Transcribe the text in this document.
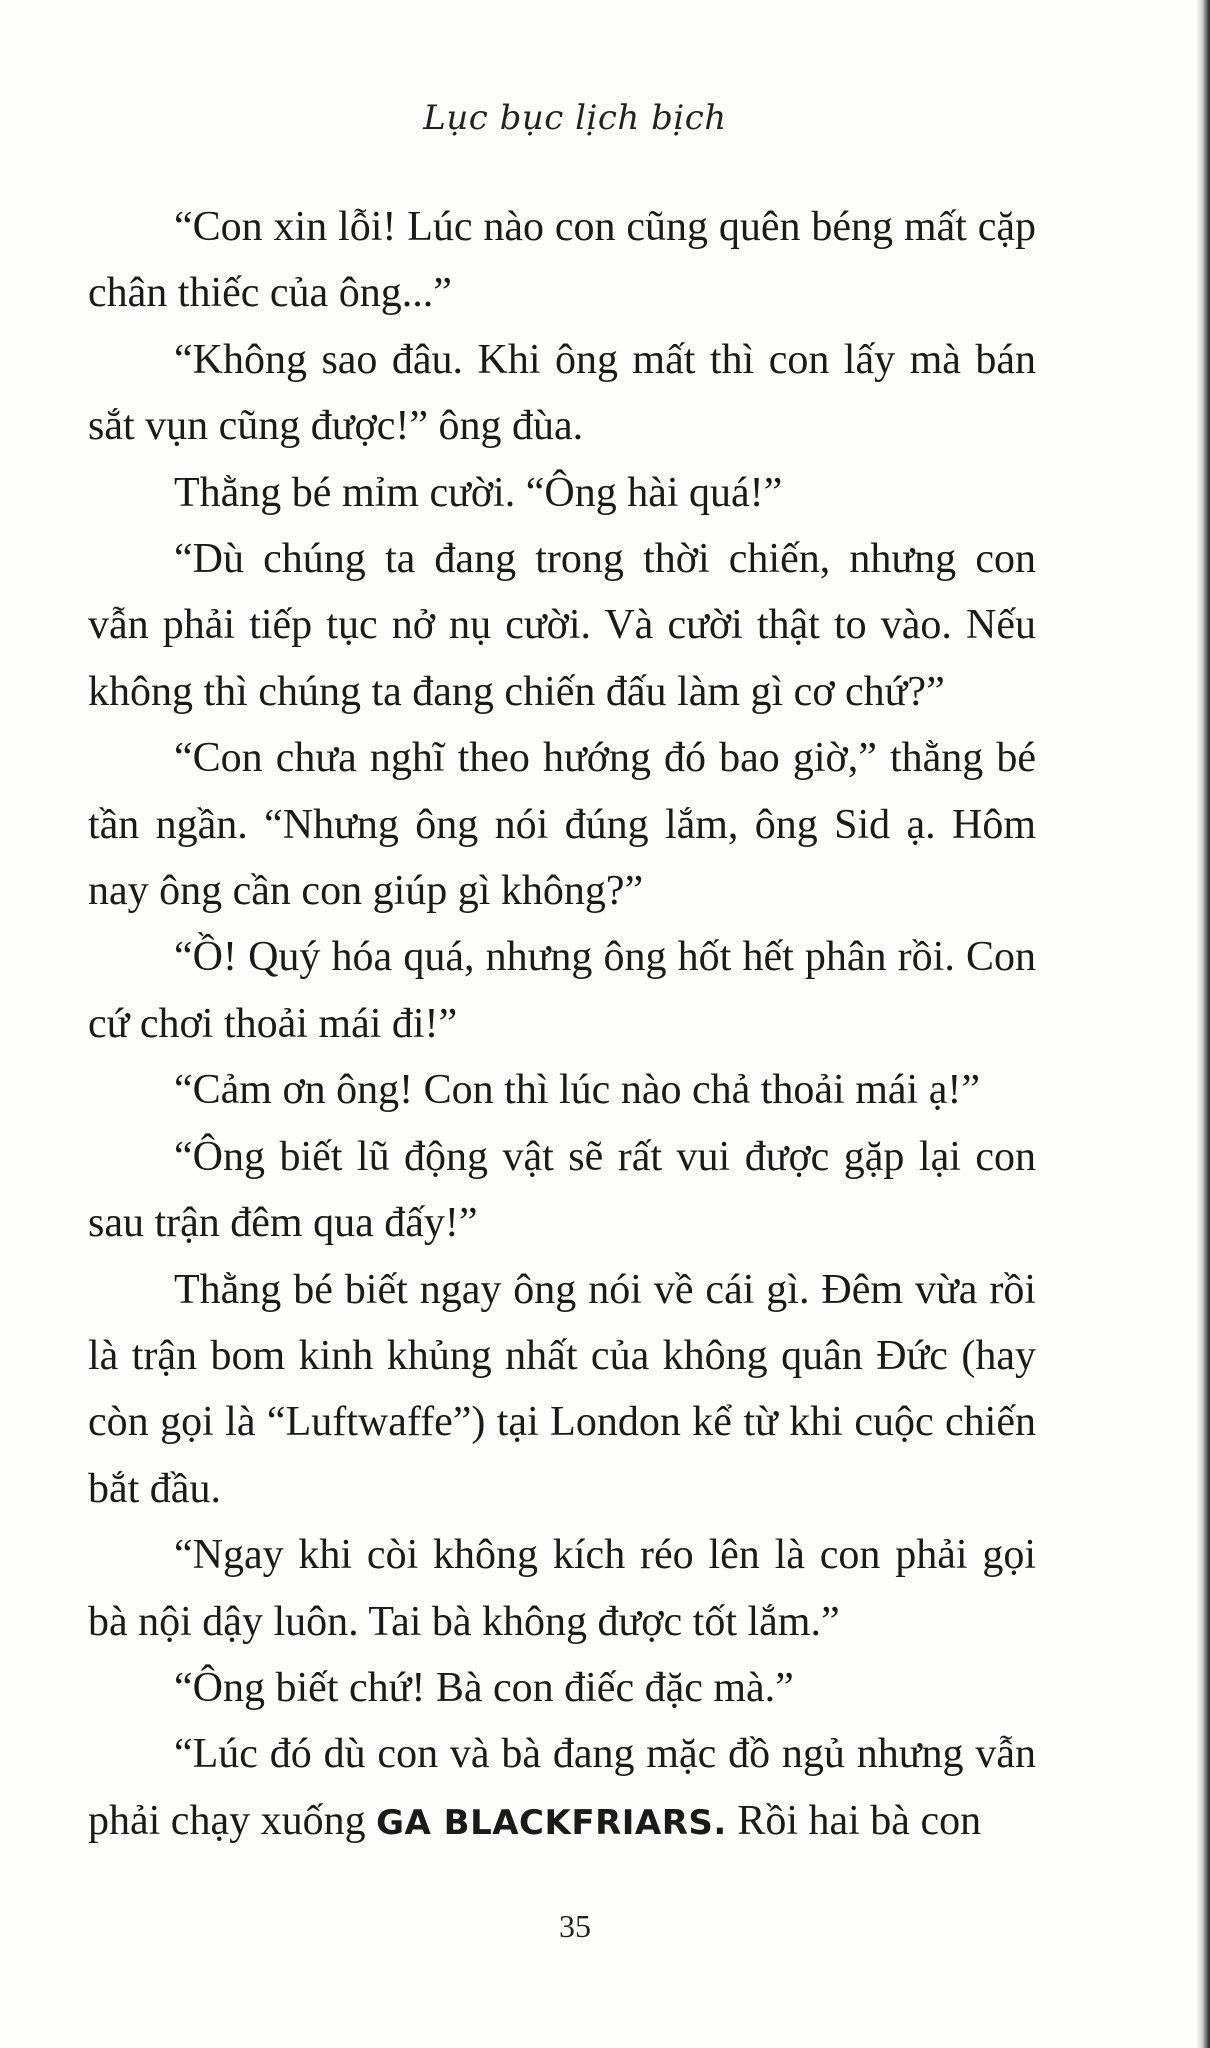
Lục bục lịch bịch

“Con xin lỗi! Lúc nào con cũng quên béng mất cặp chân thiếc của ông...”

“Không sao đâu. Khi ông mất thì con lấy mà bán sắt vụn cũng được!” ông đùa.

Thằng bé mỉm cười. “Ông hài quá!”

“Dù chúng ta đang trong thời chiến, nhưng con vẫn phải tiếp tục nở nụ cười. Và cười thật to vào. Nếu không thì chúng ta đang chiến đấu làm gì cơ chứ?”

“Con chưa nghĩ theo hướng đó bao giờ,” thằng bé tần ngần. “Nhưng ông nói đúng lắm, ông Sid ạ. Hôm nay ông cần con giúp gì không?”

“Ồ! Quý hóa quá, nhưng ông hốt hết phân rồi. Con cứ chơi thoải mái đi!”

“Cảm ơn ông! Con thì lúc nào chả thoải mái ạ!”

“Ông biết lũ động vật sẽ rất vui được gặp lại con sau trận đêm qua đấy!”

Thằng bé biết ngay ông nói về cái gì. Đêm vừa rồi là trận bom kinh khủng nhất của không quân Đức (hay còn gọi là “Luftwaffe”) tại London kể từ khi cuộc chiến bắt đầu.

“Ngay khi còi không kích réo lên là con phải gọi bà nội dậy luôn. Tai bà không được tốt lắm.”

“Ông biết chứ! Bà con điếc đặc mà.”

“Lúc đó dù con và bà đang mặc đồ ngủ nhưng vẫn phải chạy xuống GA BLACKFRIARS. Rồi hai bà con

35
